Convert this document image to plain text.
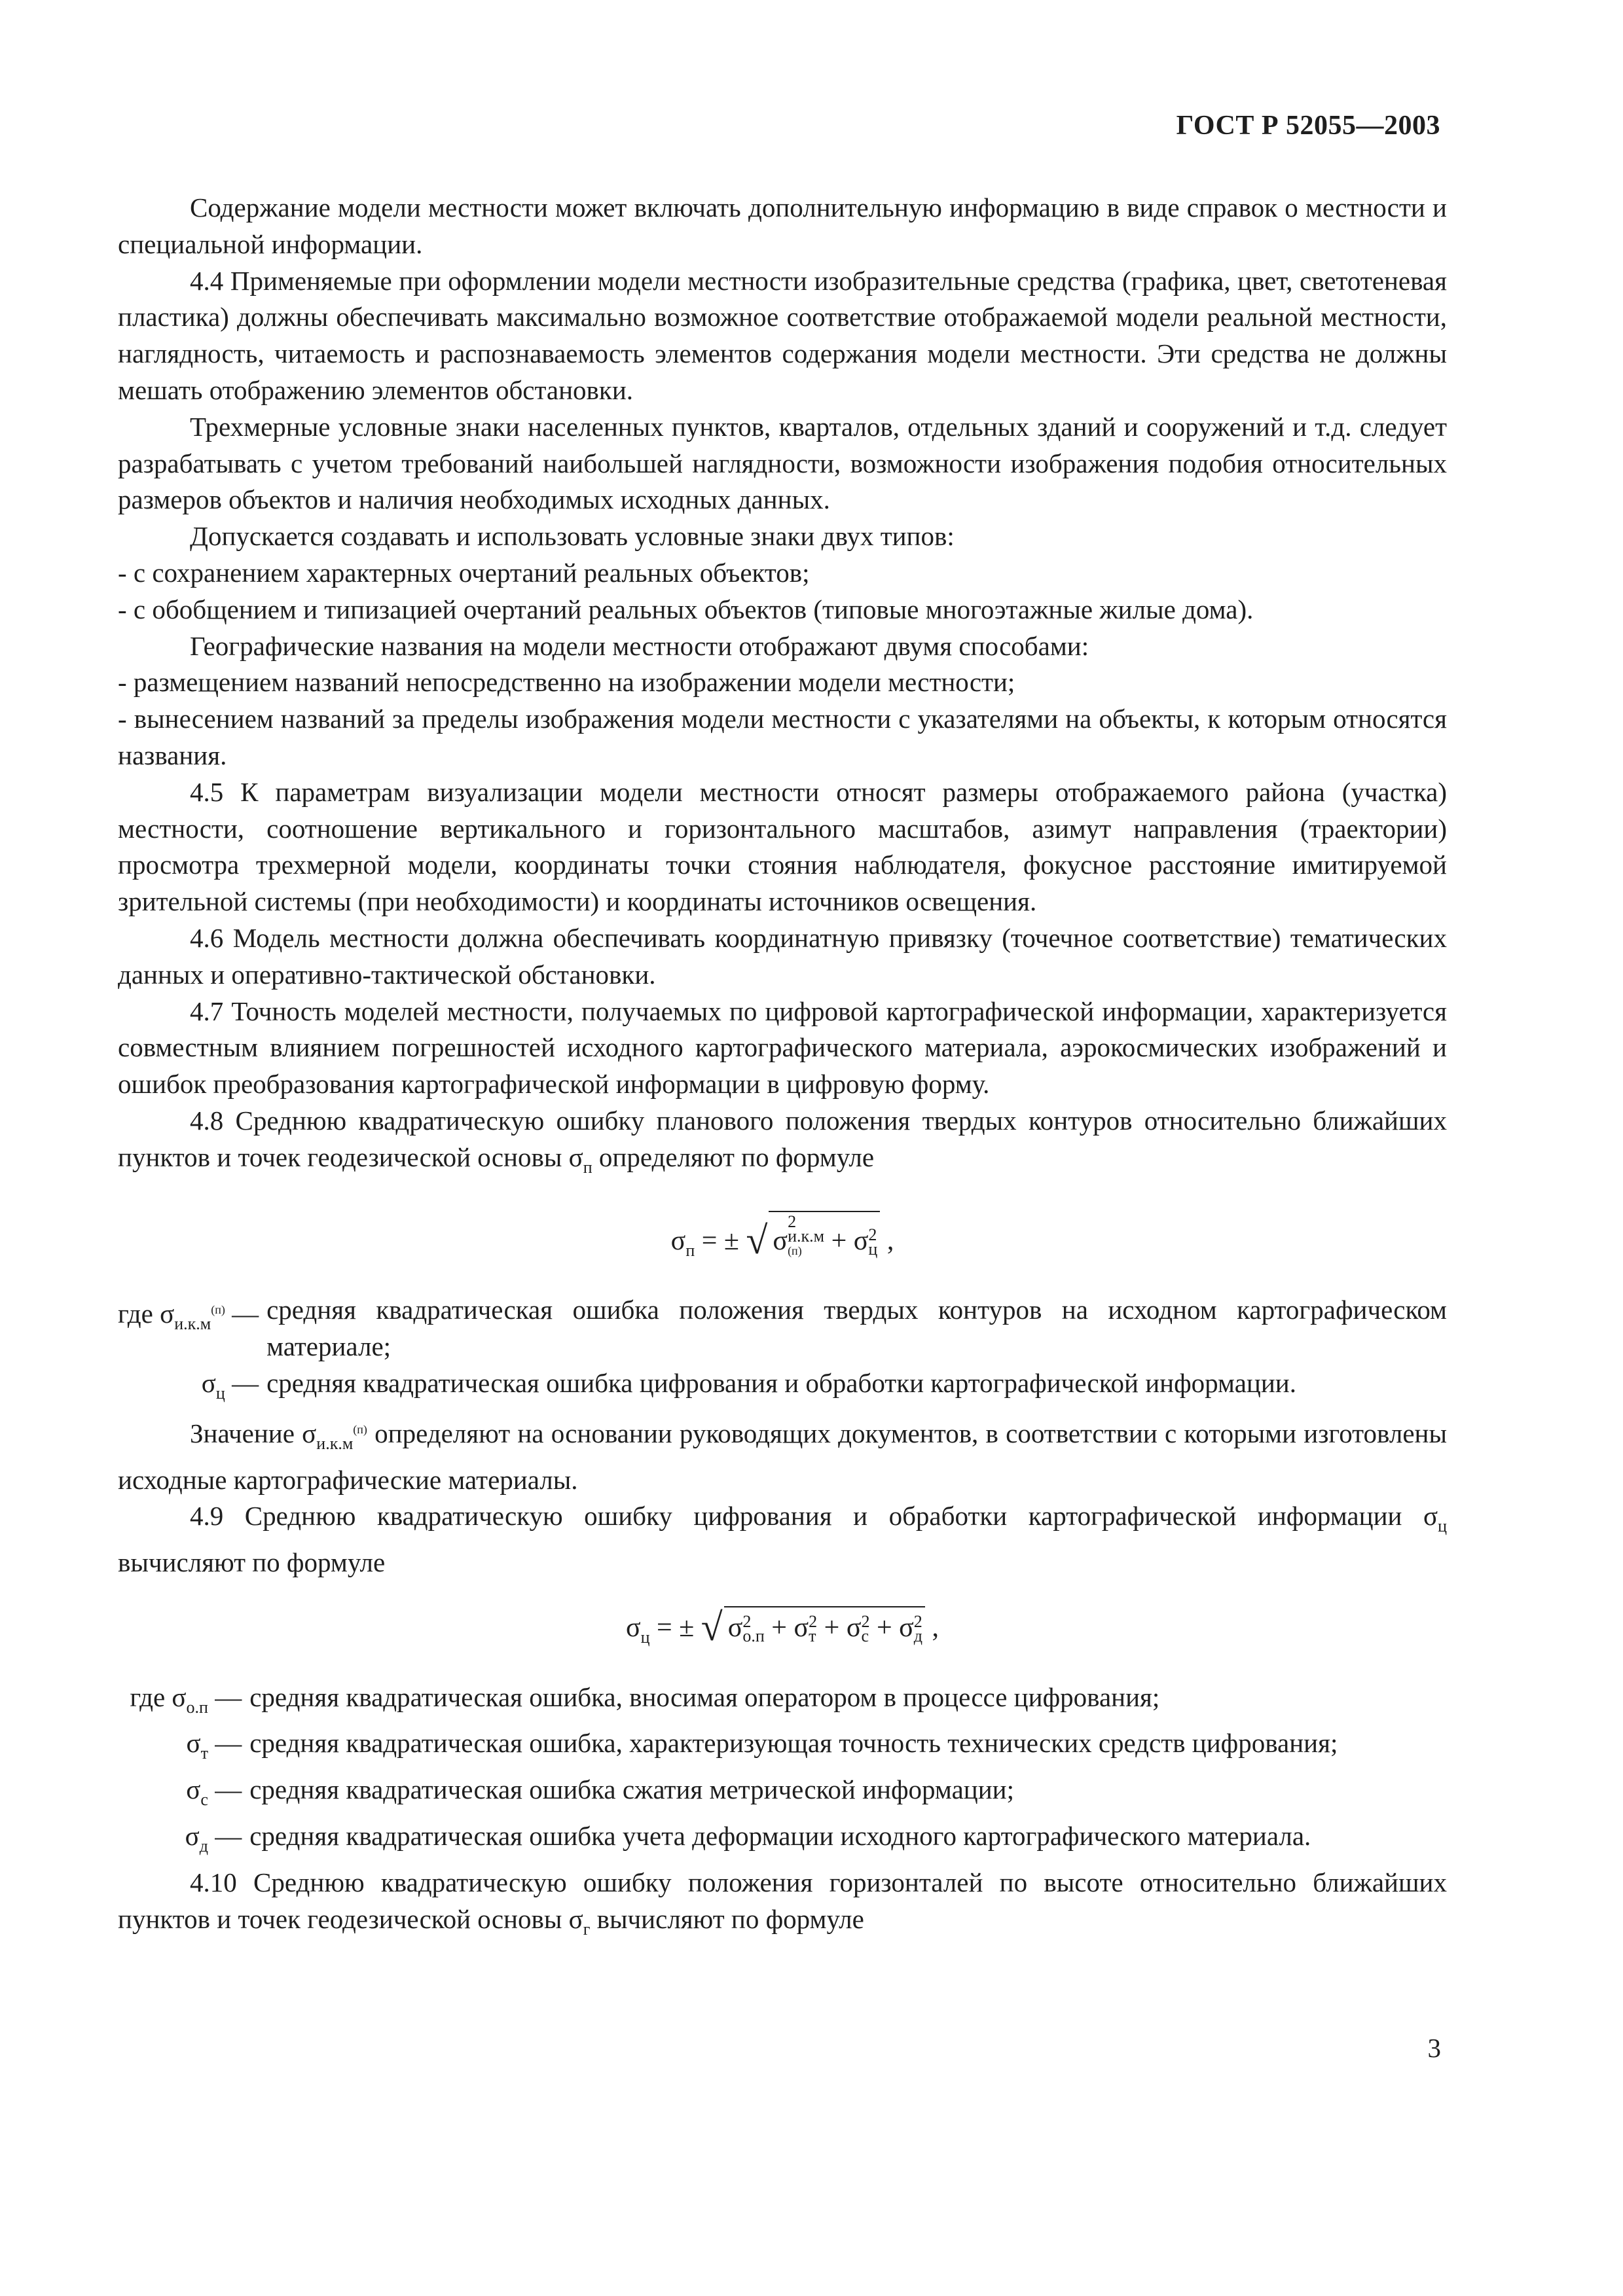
ГОСТ Р 52055—2003

Содержание модели местности может включать дополнительную информацию в виде справок о местности и специальной информации.

4.4 Применяемые при оформлении модели местности изобразительные средства (графика, цвет, светотеневая пластика) должны обеспечивать максимально возможное соответствие отображаемой модели реальной местности, наглядность, читаемость и распознаваемость элементов содержания модели местности. Эти средства не должны мешать отображению элементов обстановки.

Трехмерные условные знаки населенных пунктов, кварталов, отдельных зданий и сооружений и т.д. следует разрабатывать с учетом требований наибольшей наглядности, возможности изображения подобия относительных размеров объектов и наличия необходимых исходных данных.

Допускается создавать и использовать условные знаки двух типов:

- с сохранением характерных очертаний реальных объектов;

- с обобщением и типизацией очертаний реальных объектов (типовые многоэтажные жилые дома).

Географические названия на модели местности отображают двумя способами:

- размещением названий непосредственно на изображении модели местности;

- вынесением названий за пределы изображения модели местности с указателями на объекты, к которым относятся названия.

4.5 К параметрам визуализации модели местности относят размеры отображаемого района (участка) местности, соотношение вертикального и горизонтального масштабов, азимут направления (траектории) просмотра трехмерной модели, координаты точки стояния наблюдателя, фокусное расстояние имитируемой зрительной системы (при необходимости) и координаты источников освещения.

4.6 Модель местности должна обеспечивать координатную привязку (точечное соответствие) тематических данных и оперативно-тактической обстановки.

4.7 Точность моделей местности, получаемых по цифровой картографической информации, характеризуется совместным влиянием погрешностей исходного картографического материала, аэрокосмических изображений и ошибок преобразования картографической информации в цифровую форму.

4.8 Среднюю квадратическую ошибку планового положения твердых контуров относительно ближайших пунктов и точек геодезической основы $\sigma_п$ определяют по формуле

$\sigma_п$ = ± √ σ
2
и.к.м
(п) + σ 2
ц ,
где $\sigma_{и.к.м}^{(п)}$ —	средняя квадратическая ошибка положения твердых контуров на исходном картографическом материале;
$\sigma_ц$ —	средняя квадратическая ошибка цифрования и обработки картографической информации.

Значение $\sigma_{и.к.м}^{(п)}$ определяют на основании руководящих документов, в соответствии с которыми изготовлены исходные картографические материалы.

4.9 Среднюю квадратическую ошибку цифрования и обработки картографической информации $\sigma_ц$ вычисляют по формуле

$\sigma_ц$ = ± √ σ 2
о.п + σ 2
т + σ 2
с + σ 2
д ,
где $\sigma_{о.п}$ —	средняя квадратическая ошибка, вносимая оператором в процессе цифрования;
$\sigma_т$ —	средняя квадратическая ошибка, характеризующая точность технических средств цифрования;
$\sigma_с$ —	средняя квадратическая ошибка сжатия метрической информации;
$\sigma_д$ —	средняя квадратическая ошибка учета деформации исходного картографического материала.

4.10 Среднюю квадратическую ошибку положения горизонталей по высоте относительно ближайших пунктов и точек геодезической основы $\sigma_г$ вычисляют по формуле

3
